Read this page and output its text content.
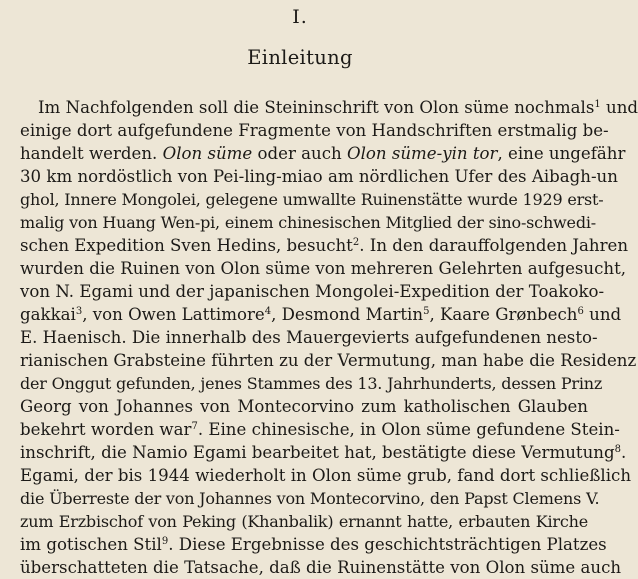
I.
Einleitung
Im Nachfolgenden soll die Steininschrift von Olon süme nochmals$^1$ und
einige dort aufgefundene Fragmente von Handschriften erstmalig be-
handelt werden. Olon süme oder auch Olon süme-yin tor, eine ungefähr
30 km nordöstlich von Pei-ling-miao am nördlichen Ufer des Aibagh-un
ghol, Innere Mongolei, gelegene umwallte Ruinenstätte wurde 1929 erst-
malig von Huang Wen-pi, einem chinesischen Mitglied der sino-schwedi-
schen Expedition Sven Hedins, besucht$^2$. In den darauffolgenden Jahren
wurden die Ruinen von Olon süme von mehreren Gelehrten aufgesucht,
von N. Egami und der japanischen Mongolei-Expedition der Toakoko-
gakkai$^3$, von Owen Lattimore$^4$, Desmond Martin$^5$, Kaare Grønbech$^6$ und
E. Haenisch. Die innerhalb des Mauergevierts aufgefundenen nesto-
rianischen Grabsteine führten zu der Vermutung, man habe die Residenz
der Onggut gefunden, jenes Stammes des 13. Jahrhunderts, dessen Prinz
Georg von Johannes von Montecorvino zum katholischen Glauben
bekehrt worden war$^7$. Eine chinesische, in Olon süme gefundene Stein-
inschrift, die Namio Egami bearbeitet hat, bestätigte diese Vermutung$^8$.
Egami, der bis 1944 wiederholt in Olon süme grub, fand dort schließlich
die Überreste der von Johannes von Montecorvino, den Papst Clemens V.
zum Erzbischof von Peking (Khanbalik) ernannt hatte, erbauten Kirche
im gotischen Stil$^9$. Diese Ergebnisse des geschichtsträchtigen Platzes
überschatteten die Tatsache, daß die Ruinenstätte von Olon süme auch
